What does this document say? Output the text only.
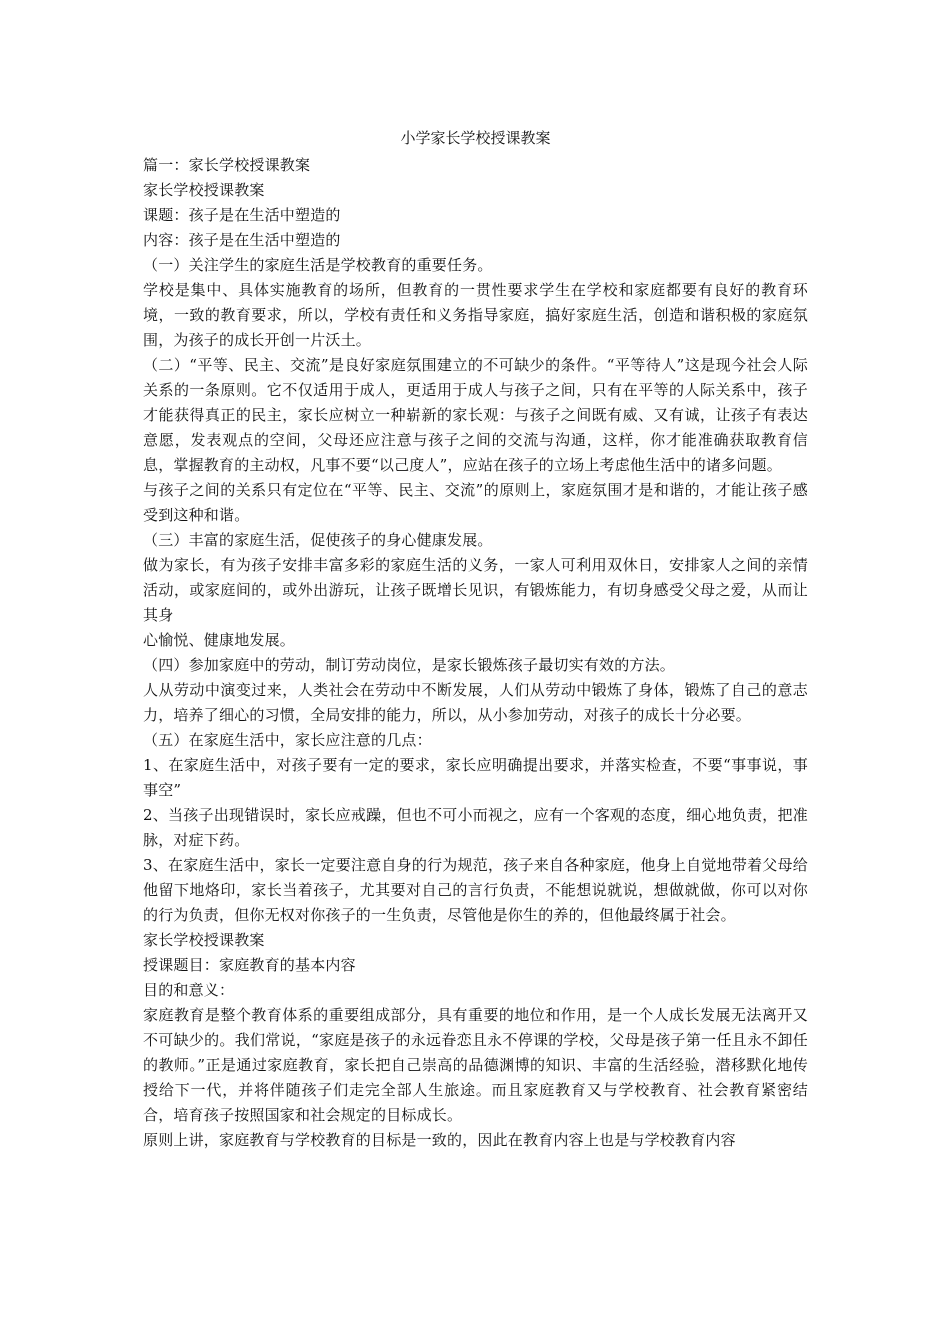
小学家长学校授课教案

篇一：家长学校授课教案

家长学校授课教案

课题：孩子是在生活中塑造的

内容：孩子是在生活中塑造的

（一）关注学生的家庭生活是学校教育的重要任务。

学校是集中、具体实施教育的场所，但教育的一贯性要求学生在学校和家庭都要有良好的教育环境，一致的教育要求，所以，学校有责任和义务指导家庭，搞好家庭生活，创造和谐积极的家庭氛围，为孩子的成长开创一片沃土。

（二）“平等、民主、交流”是良好家庭氛围建立的不可缺少的条件。“平等待人”这是现今社会人际关系的一条原则。它不仅适用于成人，更适用于成人与孩子之间，只有在平等的人际关系中，孩子才能获得真正的民主，家长应树立一种崭新的家长观：与孩子之间既有威、又有诚，让孩子有表达意愿，发表观点的空间，父母还应注意与孩子之间的交流与沟通，这样，你才能准确获取教育信息，掌握教育的主动权，凡事不要“以己度人”，应站在孩子的立场上考虑他生活中的诸多问题。

与孩子之间的关系只有定位在“平等、民主、交流”的原则上，家庭氛围才是和谐的，才能让孩子感受到这种和谐。

（三）丰富的家庭生活，促使孩子的身心健康发展。

做为家长，有为孩子安排丰富多彩的家庭生活的义务，一家人可利用双休日，安排家人之间的亲情活动，或家庭间的，或外出游玩，让孩子既增长见识，有锻炼能力，有切身感受父母之爱，从而让其身

心愉悦、健康地发展。

（四）参加家庭中的劳动，制订劳动岗位，是家长锻炼孩子最切实有效的方法。

人从劳动中演变过来，人类社会在劳动中不断发展，人们从劳动中锻炼了身体，锻炼了自己的意志力，培养了细心的习惯，全局安排的能力，所以，从小参加劳动，对孩子的成长十分必要。

（五）在家庭生活中，家长应注意的几点：

1、在家庭生活中，对孩子要有一定的要求，家长应明确提出要求，并落实检查，不要“事事说，事事空”

2、当孩子出现错误时，家长应戒躁，但也不可小而视之，应有一个客观的态度，细心地负责，把准脉，对症下药。

3、在家庭生活中，家长一定要注意自身的行为规范，孩子来自各种家庭，他身上自觉地带着父母给他留下地烙印，家长当着孩子，尤其要对自己的言行负责，不能想说就说，想做就做，你可以对你的行为负责，但你无权对你孩子的一生负责，尽管他是你生的养的，但他最终属于社会。

家长学校授课教案

授课题目：家庭教育的基本内容

目的和意义：

家庭教育是整个教育体系的重要组成部分，具有重要的地位和作用，是一个人成长发展无法离开又不可缺少的。我们常说，“家庭是孩子的永远眷恋且永不停课的学校，父母是孩子第一任且永不卸任的教师。”正是通过家庭教育，家长把自己崇高的品德渊博的知识、丰富的生活经验，潜移默化地传授给下一代，并将伴随孩子们走完全部人生旅途。而且家庭教育又与学校教育、社会教育紧密结合，培育孩子按照国家和社会规定的目标成长。

原则上讲，家庭教育与学校教育的目标是一致的，因此在教育内容上也是与学校教育内容
